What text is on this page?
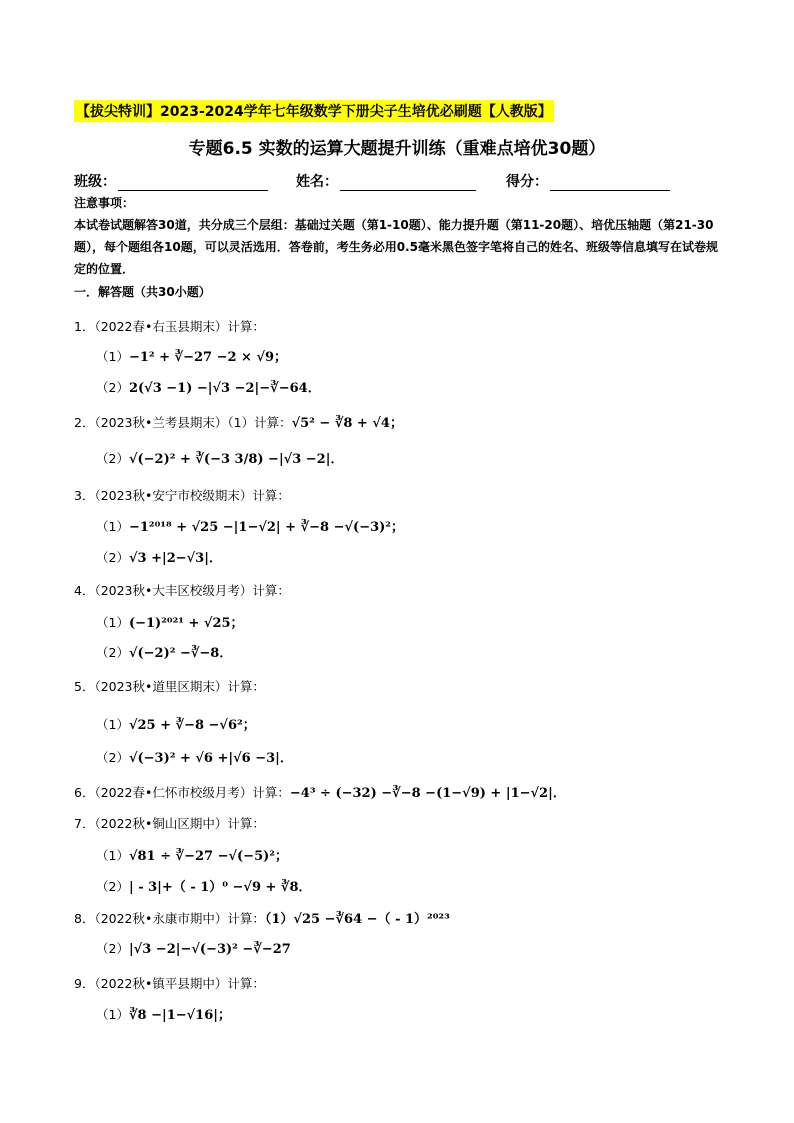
【拔尖特训】2023-2024学年七年级数学下册尖子生培优必刷题【人教版】
专题6.5 实数的运算大题提升训练（重难点培优30题）
班级：	姓名：	得分：
注意事项：
本试卷试题解答30道，共分成三个层组：基础过关题（第1-10题）、能力提升题（第11-20题）、培优压轴题（第21-30题），每个题组各10题，可以灵活选用．答卷前，考生务必用0.5毫米黑色签字笔将自己的姓名、班级等信息填写在试卷规定的位置．
一．解答题（共30小题）
1．（2022春•右玉县期末）计算：
（1）−1² + ∛−27 −2 × √9；
（2）2(√3 −1) −|√3 −2|−∛−64．
2．（2023秋•兰考县期末）（1）计算：√5² − ∛8 + √4；
（2）√(−2)² + ∛(−3 3/8) −|√3 −2|．
3．（2023秋•安宁市校级期末）计算：
（1）−1²⁰¹⁸ + √25 −|1−√2| + ∛−8 −√(−3)²；
（2）√3 +|2−√3|．
4．（2023秋•大丰区校级月考）计算：
（1）(−1)²⁰²¹ + √25；
（2）√(−2)² −∛−8．
5．（2023秋•道里区期末）计算：
（1）√25 + ∛−8 −√6²；
（2）√(−3)² + √6 +|√6 −3|．
6．（2022春•仁怀市校级月考）计算：−4³ ÷ (−32) −∛−8 −(1−√9) + |1−√2|．
7．（2022秋•铜山区期中）计算：
（1）√81 ÷ ∛−27 −√(−5)²；
（2）| - 3|+（ - 1）⁰ −√9 + ∛8．
8．（2022秋•永康市期中）计算：（1）√25 −∛64 −（ - 1）²⁰²³
（2）|√3 −2|−√(−3)² −∛−27
9．（2022秋•镇平县期中）计算：
（1）∛8 −|1−√16|；
